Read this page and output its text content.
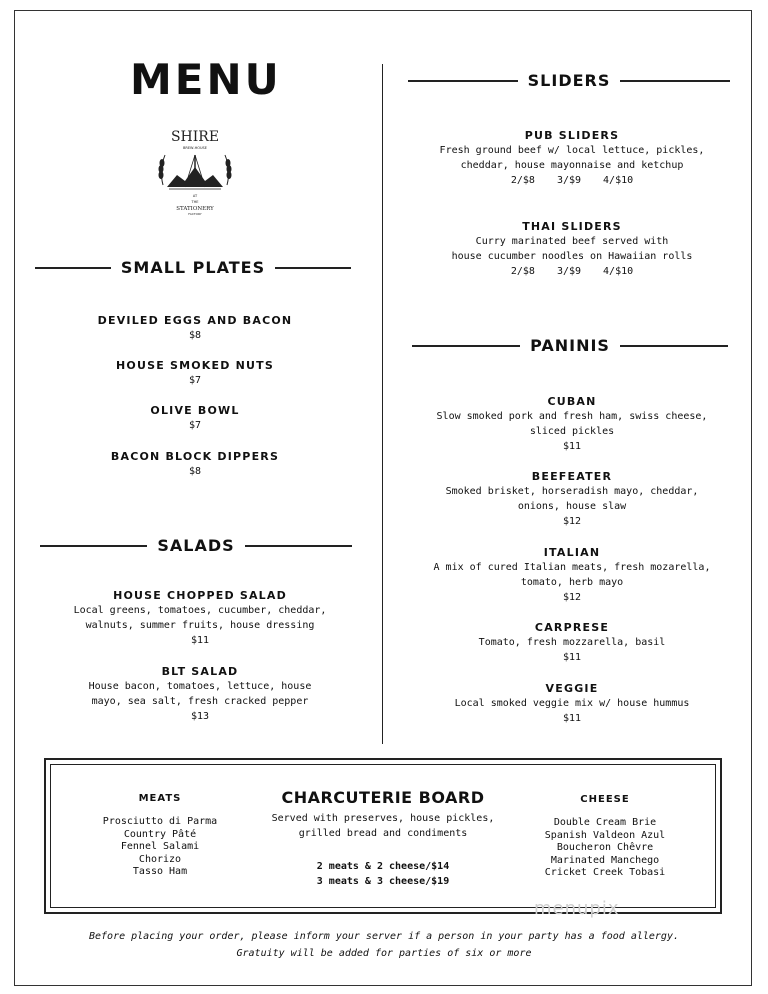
MENU
SHIRE
BREW-HOUSE
AT
THE
STATIONERY
FACTORY
SMALL PLATES
DEVILED EGGS AND BACON
$8
HOUSE SMOKED NUTS
$7
OLIVE BOWL
$7
BACON BLOCK DIPPERS
$8
SALADS
HOUSE CHOPPED SALAD
Local greens, tomatoes, cucumber, cheddar,
walnuts, summer fruits, house dressing
$11
BLT SALAD
House bacon, tomatoes, lettuce, house
mayo, sea salt, fresh cracked pepper
$13
SLIDERS
PUB SLIDERS
Fresh ground beef w/ local lettuce, pickles,
cheddar, house mayonnaise and ketchup
2/$8 3/$9 4/$10
THAI SLIDERS
Curry marinated beef served with
house cucumber noodles on Hawaiian rolls
2/$8 3/$9 4/$10
PANINIS
CUBAN
Slow smoked pork and fresh ham, swiss cheese,
sliced pickles
$11
BEEFEATER
Smoked brisket, horseradish mayo, cheddar,
onions, house slaw
$12
ITALIAN
A mix of cured Italian meats, fresh mozarella,
tomato, herb mayo
$12
CARPRESE
Tomato, fresh mozzarella, basil
$11
VEGGIE
Local smoked veggie mix w/ house hummus
$11
MEATS
Prosciutto di Parma
Country Pâté
Fennel Salami
Chorizo
Tasso Ham
CHARCUTERIE BOARD
Served with preserves, house pickles,
grilled bread and condiments
2 meats & 2 cheese/$14
3 meats & 3 cheese/$19
CHEESE
Double Cream Brie
Spanish Valdeon Azul
Boucheron Chêvre
Marinated Manchego
Cricket Creek Tobasi
menupix
Before placing your order, please inform your server if a person in your party has a food allergy.
Gratuity will be added for parties of six or more
